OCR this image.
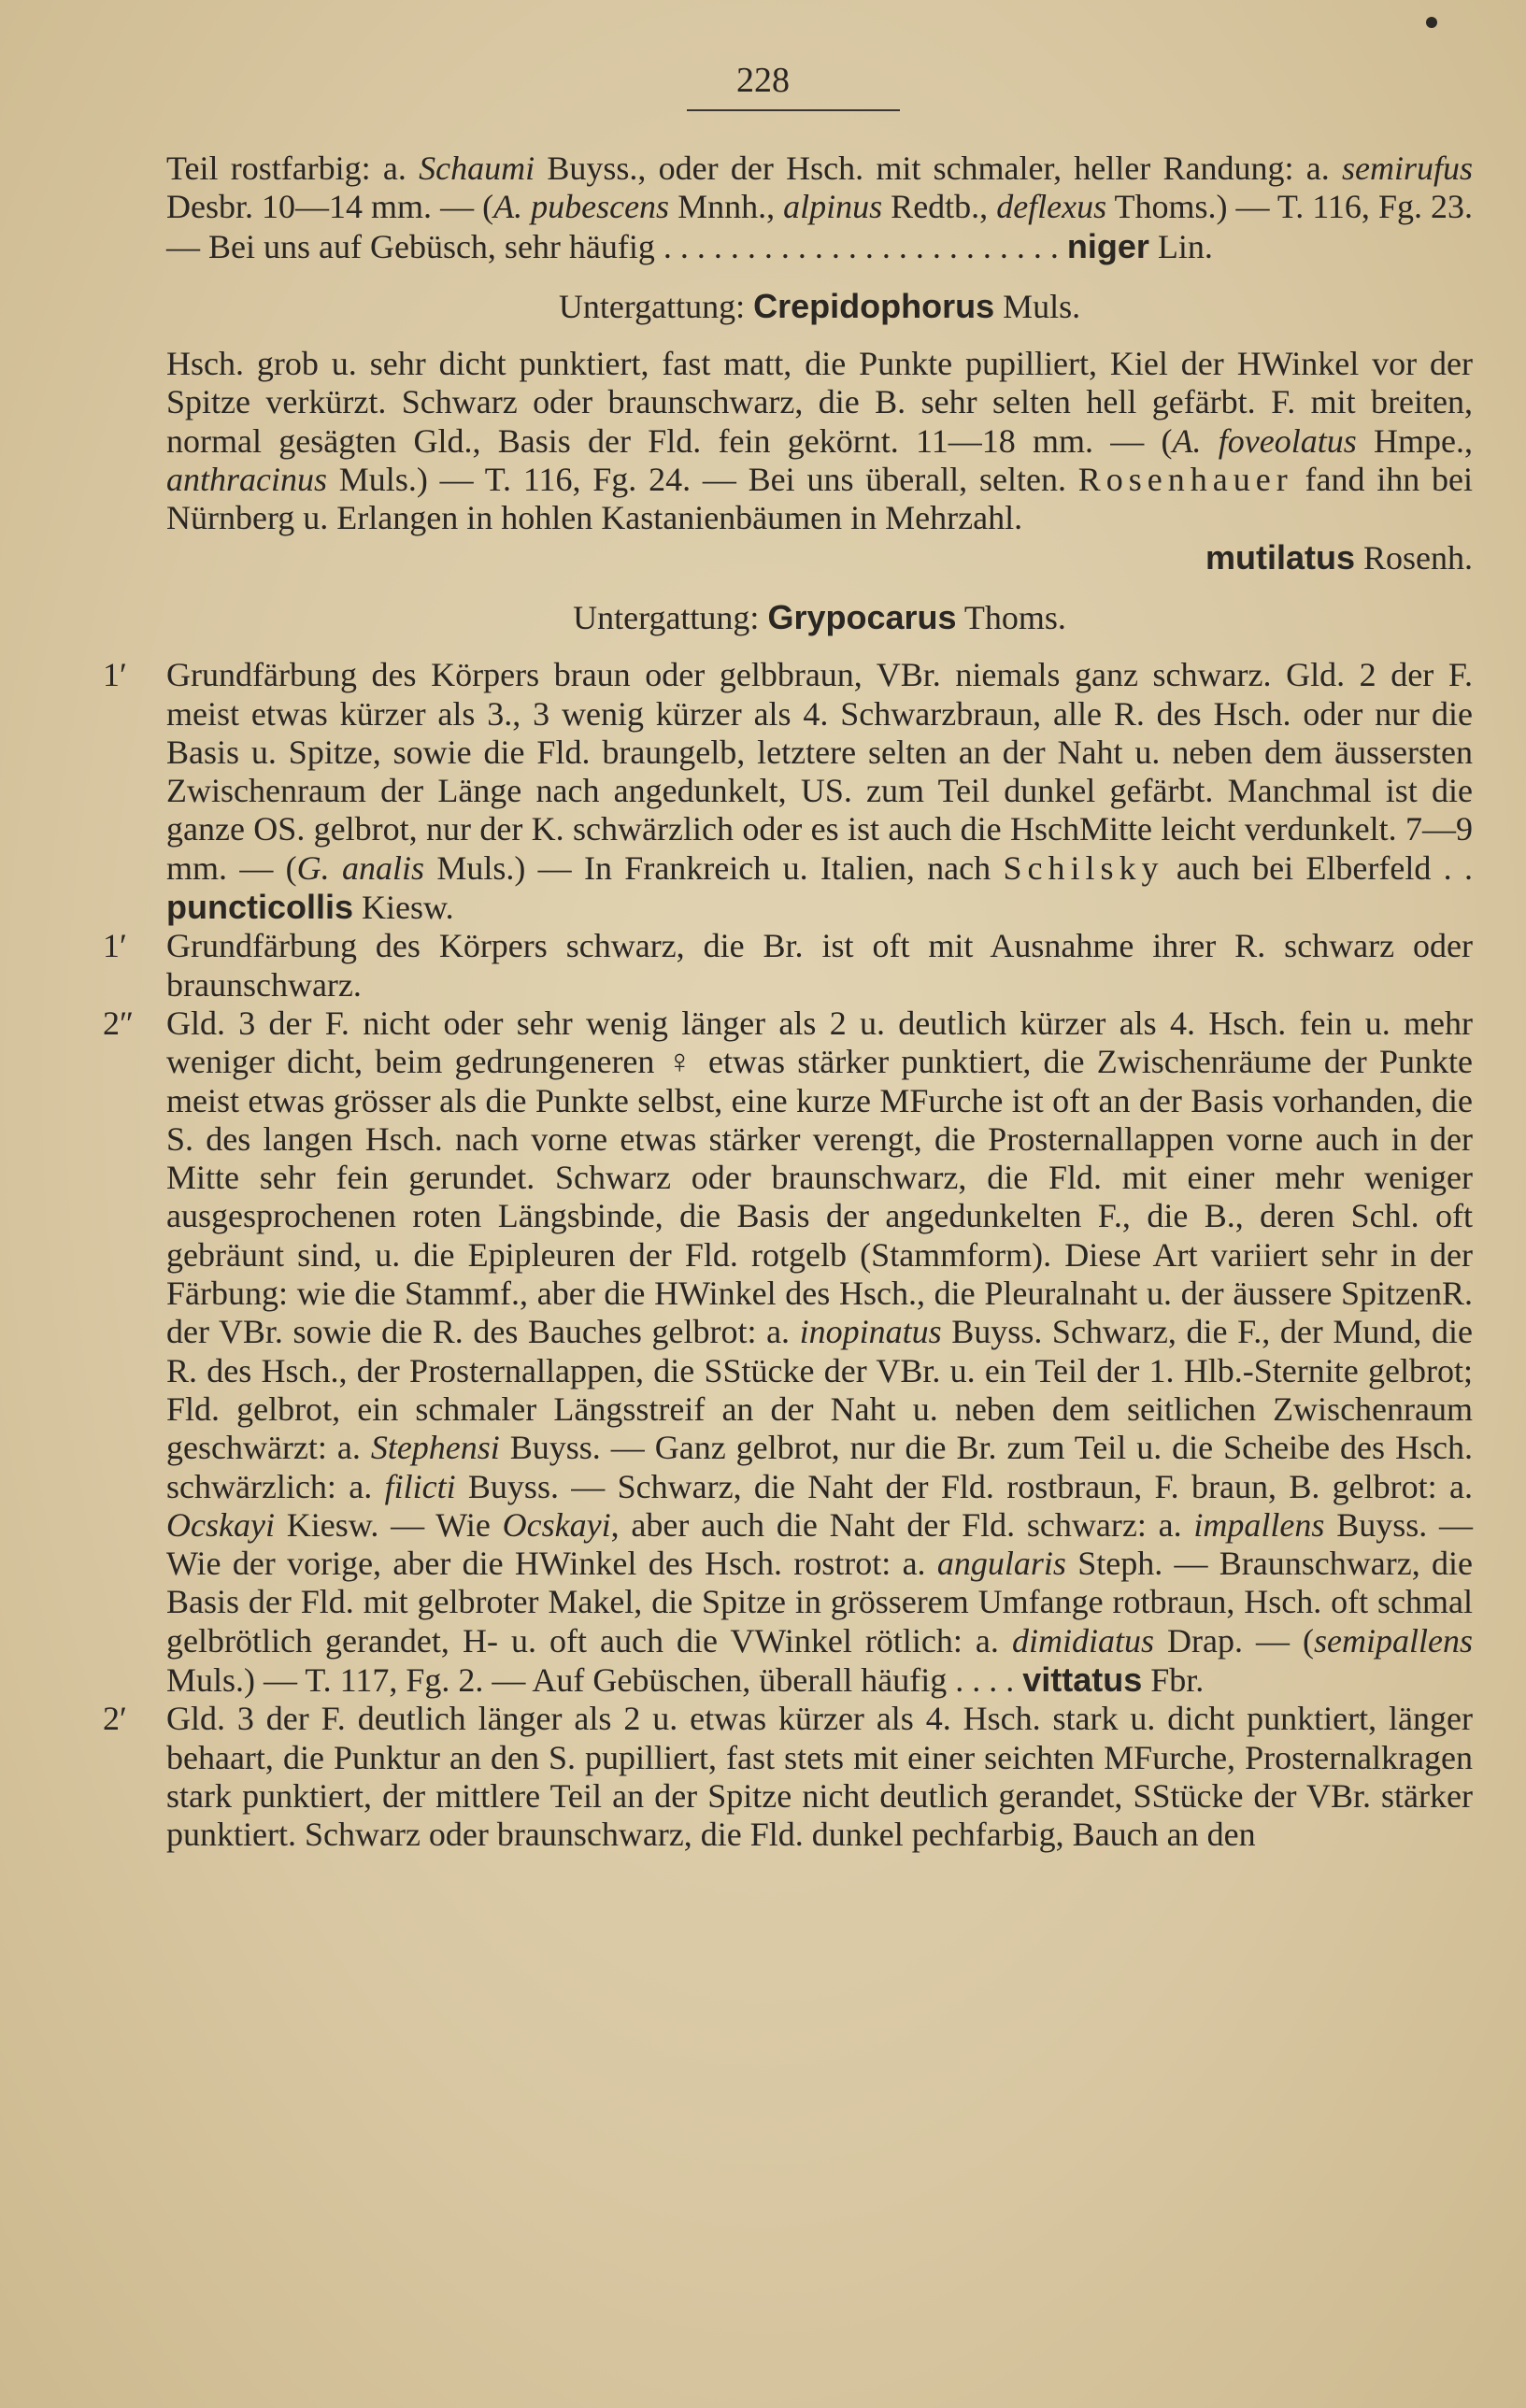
228

Teil rostfarbig: a. Schaumi Buyss., oder der Hsch. mit schmaler, heller Randung: a. semirufus Desbr. 10—14 mm. — (A. pubescens Mnnh., alpinus Redtb., deflexus Thoms.) — T. 116, Fg. 23. — Bei uns auf Gebüsch, sehr häufig . . . . . . . . . . . . . . . . . . . . . . . . niger Lin.

Untergattung: Crepidophorus Muls.

Hsch. grob u. sehr dicht punktiert, fast matt, die Punkte pupilliert, Kiel der HWinkel vor der Spitze verkürzt. Schwarz oder braunschwarz, die B. sehr selten hell gefärbt. F. mit breiten, normal gesägten Gld., Basis der Fld. fein gekörnt. 11—18 mm. — (A. foveolatus Hmpe., anthracinus Muls.) — T. 116, Fg. 24. — Bei uns überall, selten. Rosenhauer fand ihn bei Nürnberg u. Erlangen in hohlen Kastanienbäumen in Mehrzahl.

mutilatus Rosenh.

Untergattung: Grypocarus Thoms.

1′ Grundfärbung des Körpers braun oder gelbbraun, VBr. niemals ganz schwarz. Gld. 2 der F. meist etwas kürzer als 3., 3 wenig kürzer als 4. Schwarzbraun, alle R. des Hsch. oder nur die Basis u. Spitze, sowie die Fld. braungelb, letztere selten an der Naht u. neben dem äussersten Zwischenraum der Länge nach angedunkelt, US. zum Teil dunkel gefärbt. Manchmal ist die ganze OS. gelbrot, nur der K. schwärzlich oder es ist auch die HschMitte leicht verdunkelt. 7—9 mm. — (G. analis Muls.) — In Frankreich u. Italien, nach Schilsky auch bei Elberfeld . . puncticollis Kiesw.

1′ Grundfärbung des Körpers schwarz, die Br. ist oft mit Ausnahme ihrer R. schwarz oder braunschwarz.

2″ Gld. 3 der F. nicht oder sehr wenig länger als 2 u. deutlich kürzer als 4. Hsch. fein u. mehr weniger dicht, beim gedrungeneren ♀ etwas stärker punktiert, die Zwischenräume der Punkte meist etwas grösser als die Punkte selbst, eine kurze MFurche ist oft an der Basis vorhanden, die S. des langen Hsch. nach vorne etwas stärker verengt, die Prosternallappen vorne auch in der Mitte sehr fein gerundet. Schwarz oder braunschwarz, die Fld. mit einer mehr weniger ausgesprochenen roten Längsbinde, die Basis der angedunkelten F., die B., deren Schl. oft gebräunt sind, u. die Epipleuren der Fld. rotgelb (Stammform). Diese Art variiert sehr in der Färbung: wie die Stammf., aber die HWinkel des Hsch., die Pleuralnaht u. der äussere SpitzenR. der VBr. sowie die R. des Bauches gelbrot: a. inopinatus Buyss. Schwarz, die F., der Mund, die R. des Hsch., der Prosternallappen, die SStücke der VBr. u. ein Teil der 1. Hlb.-Sternite gelbrot; Fld. gelbrot, ein schmaler Längsstreif an der Naht u. neben dem seitlichen Zwischenraum geschwärzt: a. Stephensi Buyss. — Ganz gelbrot, nur die Br. zum Teil u. die Scheibe des Hsch. schwärzlich: a. filicti Buyss. — Schwarz, die Naht der Fld. rostbraun, F. braun, B. gelbrot: a. Ocskayi Kiesw. — Wie Ocskayi, aber auch die Naht der Fld. schwarz: a. impallens Buyss. — Wie der vorige, aber die HWinkel des Hsch. rostrot: a. angularis Steph. — Braunschwarz, die Basis der Fld. mit gelbroter Makel, die Spitze in grösserem Umfange rotbraun, Hsch. oft schmal gelbrötlich gerandet, H- u. oft auch die VWinkel rötlich: a. dimidiatus Drap. — (semipallens Muls.) — T. 117, Fg. 2. — Auf Gebüschen, überall häufig . . . . vittatus Fbr.

2′ Gld. 3 der F. deutlich länger als 2 u. etwas kürzer als 4. Hsch. stark u. dicht punktiert, länger behaart, die Punktur an den S. pupilliert, fast stets mit einer seichten MFurche, Prosternalkragen stark punktiert, der mittlere Teil an der Spitze nicht deutlich gerandet, SStücke der VBr. stärker punktiert. Schwarz oder braunschwarz, die Fld. dunkel pechfarbig, Bauch an den
